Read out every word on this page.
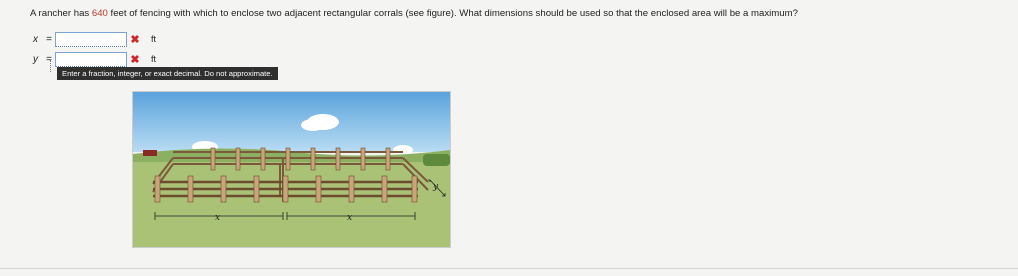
A rancher has 640 feet of fencing with which to enclose two adjacent rectangular corrals (see figure). What dimensions should be used so that the enclosed area will be a maximum?
x =	✖ ft
y =	✖ ft
Enter a fraction, integer, or exact decimal. Do not approximate.
y
x	x
